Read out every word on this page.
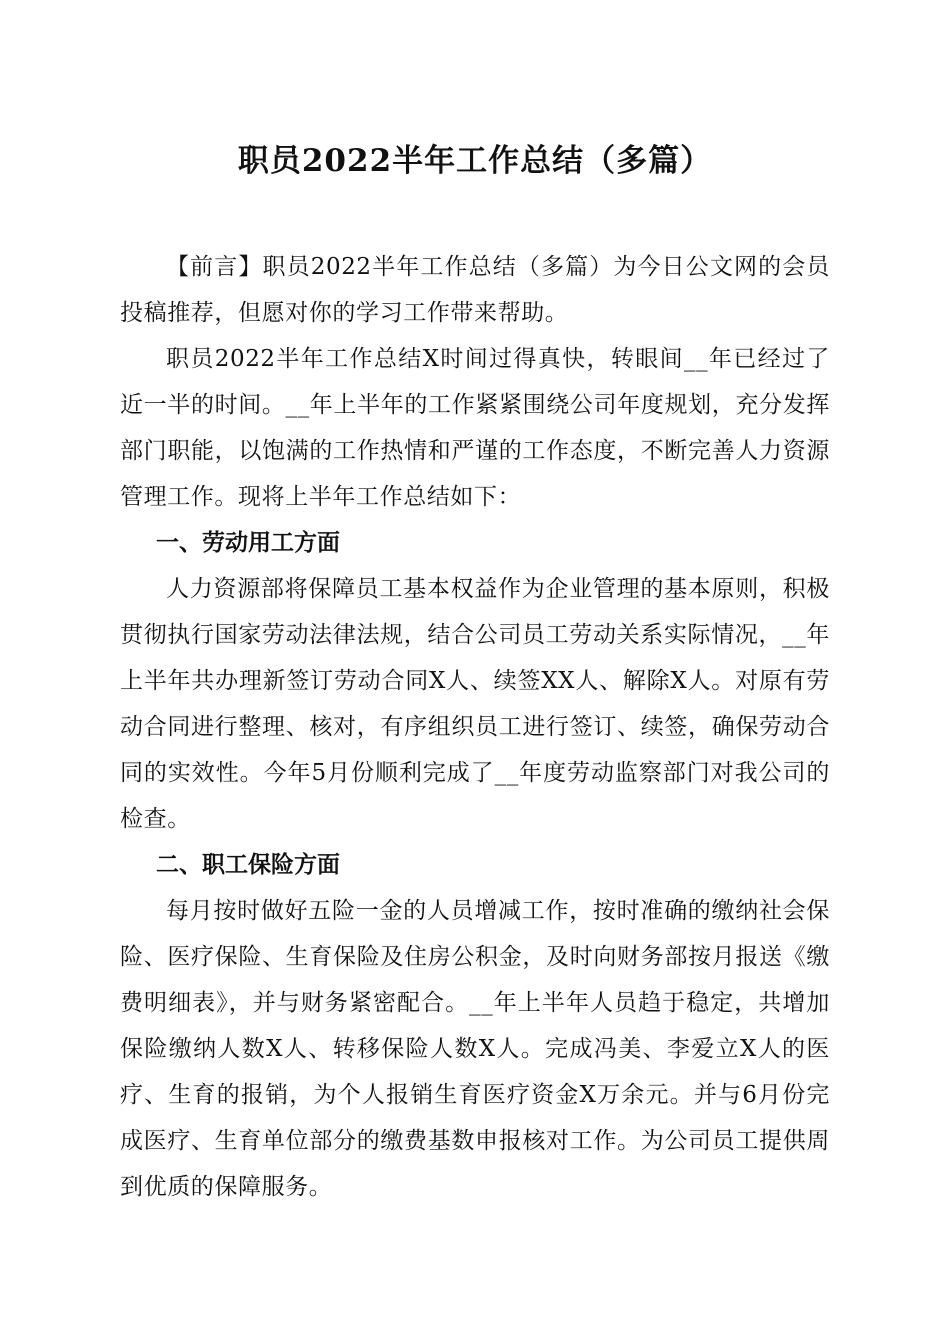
职员2022半年工作总结（多篇）

【前言】职员2022半年工作总结（多篇）为今日公文网的会员投稿推荐，但愿对你的学习工作带来帮助。

职员2022半年工作总结X时间过得真快，转眼间__年已经过了近一半的时间。__年上半年的工作紧紧围绕公司年度规划，充分发挥部门职能，以饱满的工作热情和严谨的工作态度，不断完善人力资源管理工作。现将上半年工作总结如下：

一、劳动用工方面

人力资源部将保障员工基本权益作为企业管理的基本原则，积极贯彻执行国家劳动法律法规，结合公司员工劳动关系实际情况，__年上半年共办理新签订劳动合同X人、续签XX人、解除X人。对原有劳动合同进行整理、核对，有序组织员工进行签订、续签，确保劳动合同的实效性。今年5月份顺利完成了__年度劳动监察部门对我公司的检查。

二、职工保险方面

每月按时做好五险一金的人员增减工作，按时准确的缴纳社会保险、医疗保险、生育保险及住房公积金，及时向财务部按月报送《缴费明细表》，并与财务紧密配合。__年上半年人员趋于稳定，共增加保险缴纳人数X人、转移保险人数X人。完成冯美、李爱立X人的医疗、生育的报销，为个人报销生育医疗资金X万余元。并与6月份完成医疗、生育单位部分的缴费基数申报核对工作。为公司员工提供周到优质的保障服务。
